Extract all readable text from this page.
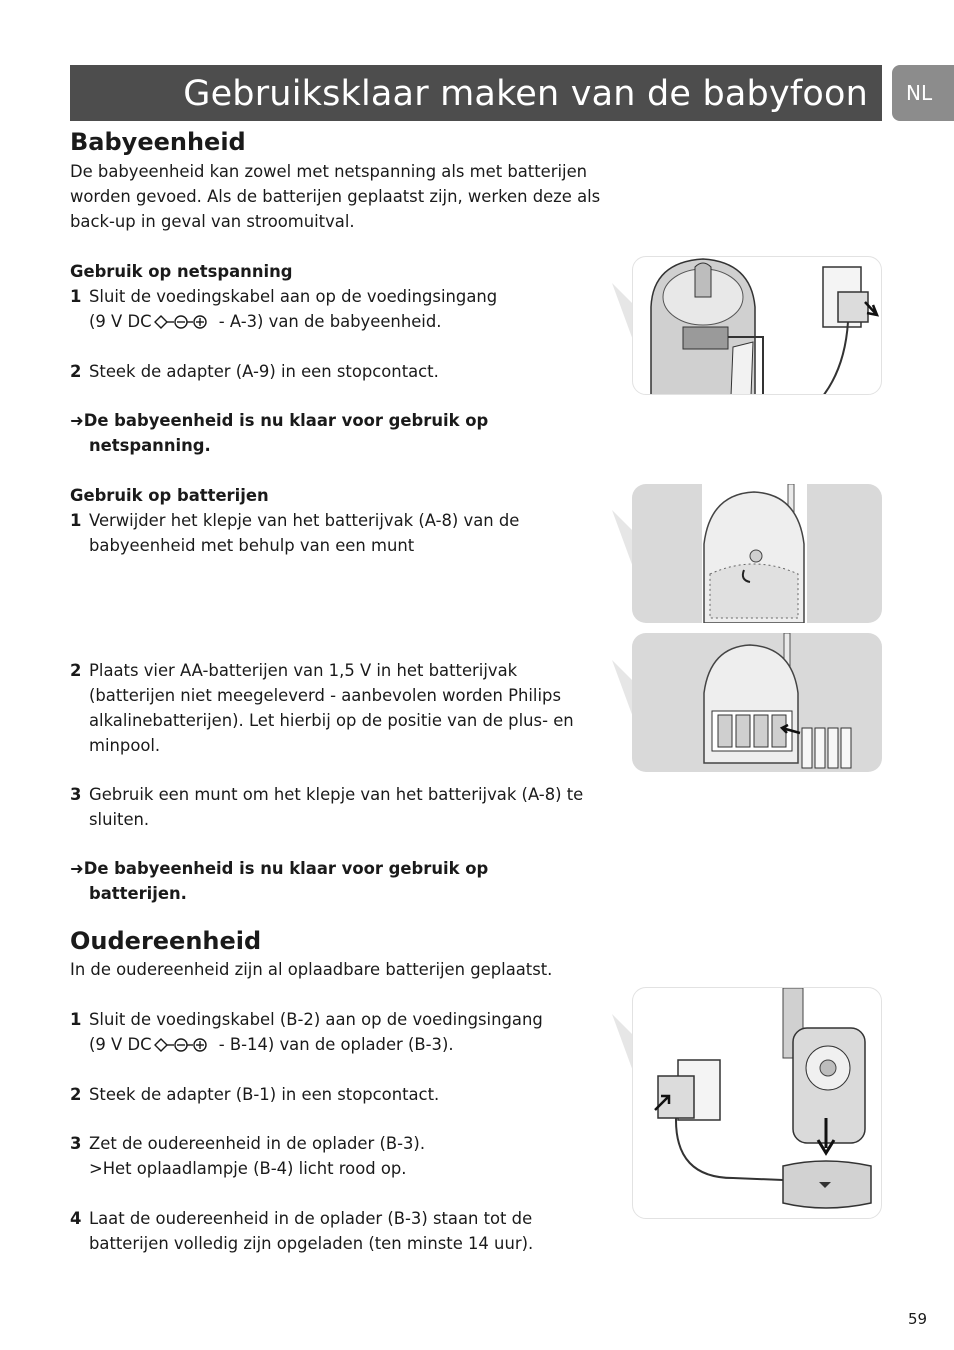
Gebruiksklaar maken van de babyfoon	NL
Babyeenheid
De babyeenheid kan zowel met netspanning als met batterijen
worden gevoed. Als de batterijen geplaatst zijn, werken deze als
back-up in geval van stroomuitval.
Gebruik op netspanning
1 Sluit de voedingskabel aan op de voedingsingang
(9 V DC	- A-3) van de babyeenheid.
2 Steek de adapter (A-9) in een stopcontact.
➜De babyeenheid is nu klaar voor gebruik op
netspanning.
Gebruik op batterijen
1 Verwijder het klepje van het batterijvak (A-8) van de
babyeenheid met behulp van een munt
2 Plaats vier AA-batterijen van 1,5 V in het batterijvak
(batterijen niet meegeleverd - aanbevolen worden Philips
alkalinebatterijen). Let hierbij op de positie van de plus- en
minpool.
3 Gebruik een munt om het klepje van het batterijvak (A-8) te
sluiten.
➜De babyeenheid is nu klaar voor gebruik op
batterijen.
Oudereenheid
In de oudereenheid zijn al oplaadbare batterijen geplaatst.
1 Sluit de voedingskabel (B-2) aan op de voedingsingang
(9 V DC	- B-14) van de oplader (B-3).
2 Steek de adapter (B-1) in een stopcontact.
3 Zet de oudereenheid in de oplader (B-3).
>Het oplaadlampje (B-4) licht rood op.
4 Laat de oudereenheid in de oplader (B-3) staan tot de
batterijen volledig zijn opgeladen (ten minste 14 uur).
59
